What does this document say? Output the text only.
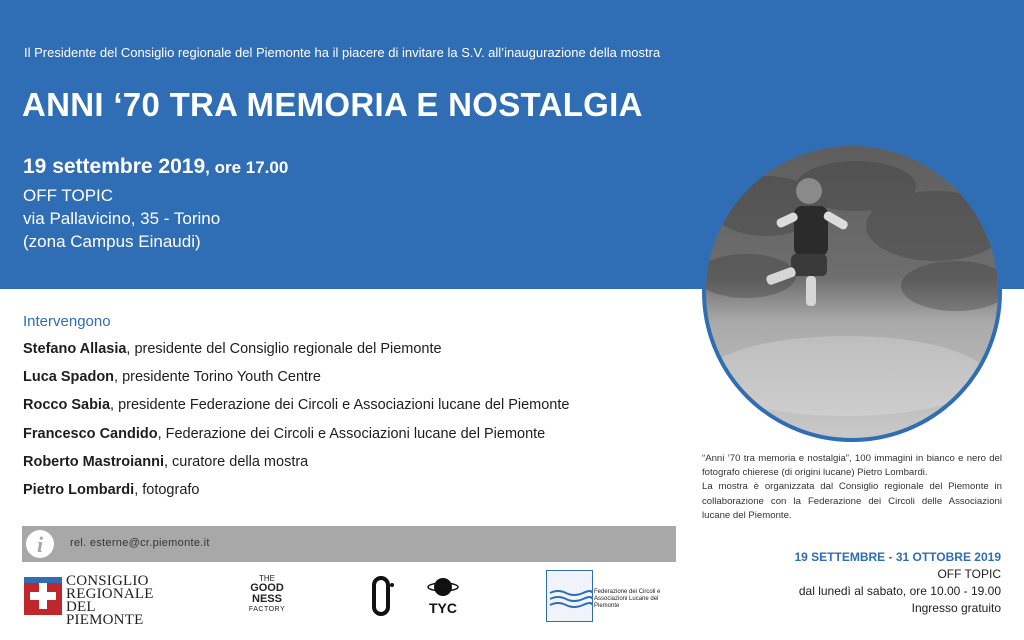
Il Presidente del Consiglio regionale del Piemonte ha il piacere di invitare la S.V. all’inaugurazione della mostra
ANNI ‘70 TRA MEMORIA E NOSTALGIA
19 settembre 2019, ore 17.00
OFF TOPIC
via Pallavicino, 35 - Torino
(zona Campus Einaudi)
Intervengono
Stefano Allasia, presidente del Consiglio regionale del Piemonte
Luca Spadon, presidente Torino Youth Centre
Rocco Sabia, presidente Federazione dei Circoli e Associazioni lucane del Piemonte
Francesco Candido, Federazione dei Circoli e Associazioni lucane del Piemonte
Roberto Mastroianni, curatore della mostra
Pietro Lombardi, fotografo

“Anni ’70 tra memoria e nostalgia”, 100 immagini in bianco e nero del fotografo chierese (di origini lucane) Pietro Lombardi.

La mostra è organizzata dal Consiglio regionale del Piemonte in collaborazione con la Federazione dei Circoli delle Associazioni lucane del Piemonte.

i	rel. esterne@cr.piemonte.it
19 SETTEMBRE - 31 OTTOBRE 2019
OFF TOPIC
dal lunedì al sabato, ore 10.00 - 19.00
Ingresso gratuito
CONSIGLIO
REGIONALE
DEL PIEMONTE
THE
GOOD
NESS
FACTORY	TYC
Federazione dei Circoli e Associazioni Lucane del Piemonte
